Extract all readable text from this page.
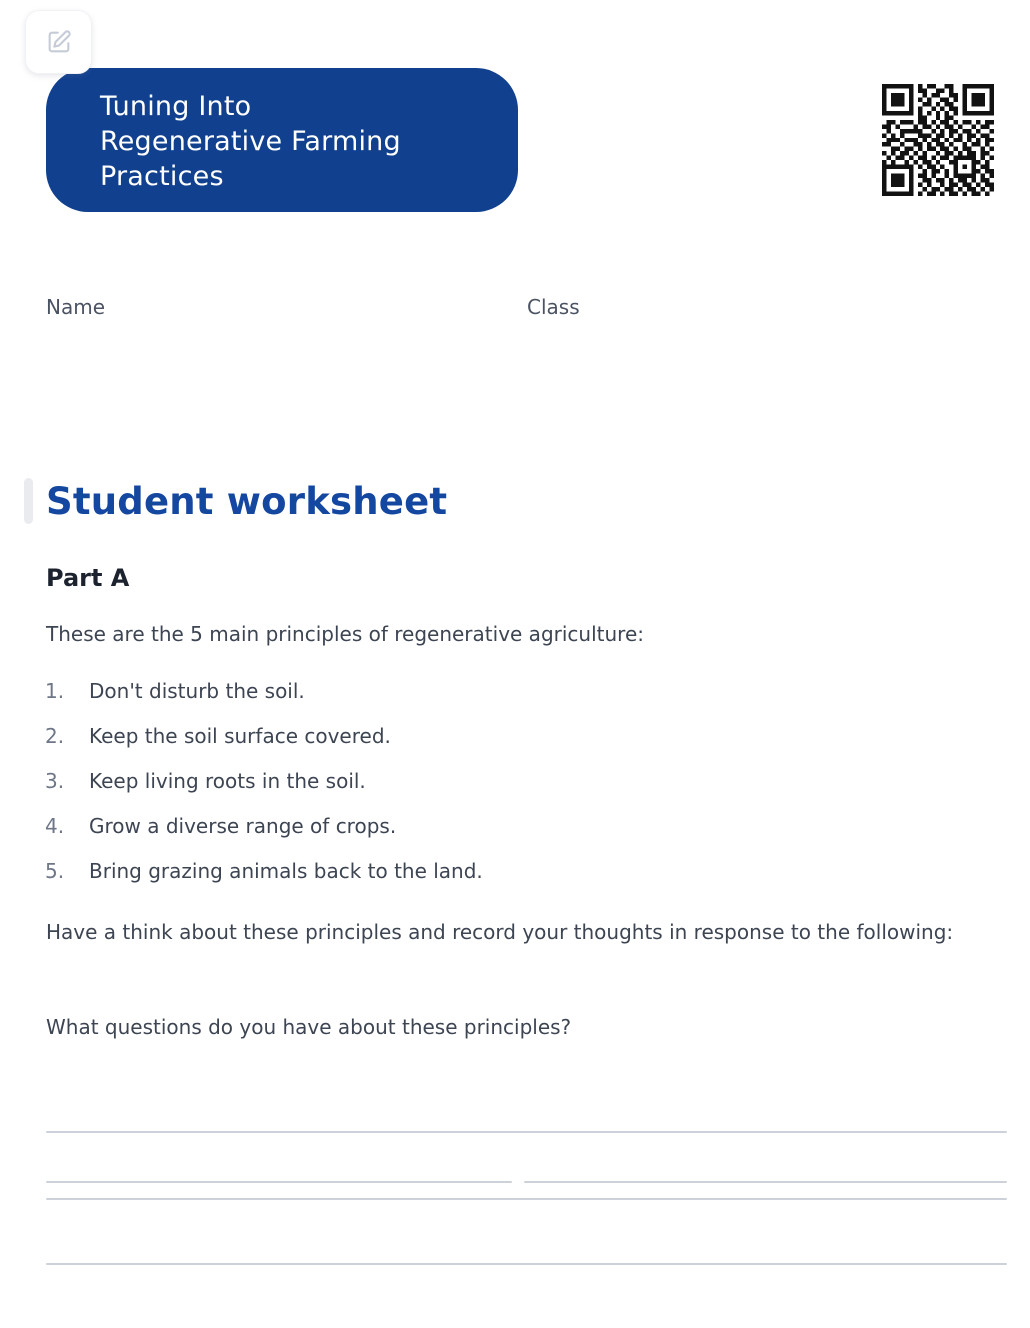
Tuning Into
Regenerative Farming
Practices
Name	Class
Student worksheet
Part A

These are the 5 main principles of regenerative agriculture:

1.	Don't disturb the soil.
2.	Keep the soil surface covered.
3.	Keep living roots in the soil.
4.	Grow a diverse range of crops.
5.	Bring grazing animals back to the land.

Have a think about these principles and record your thoughts in response to the following:

What questions do you have about these principles?
